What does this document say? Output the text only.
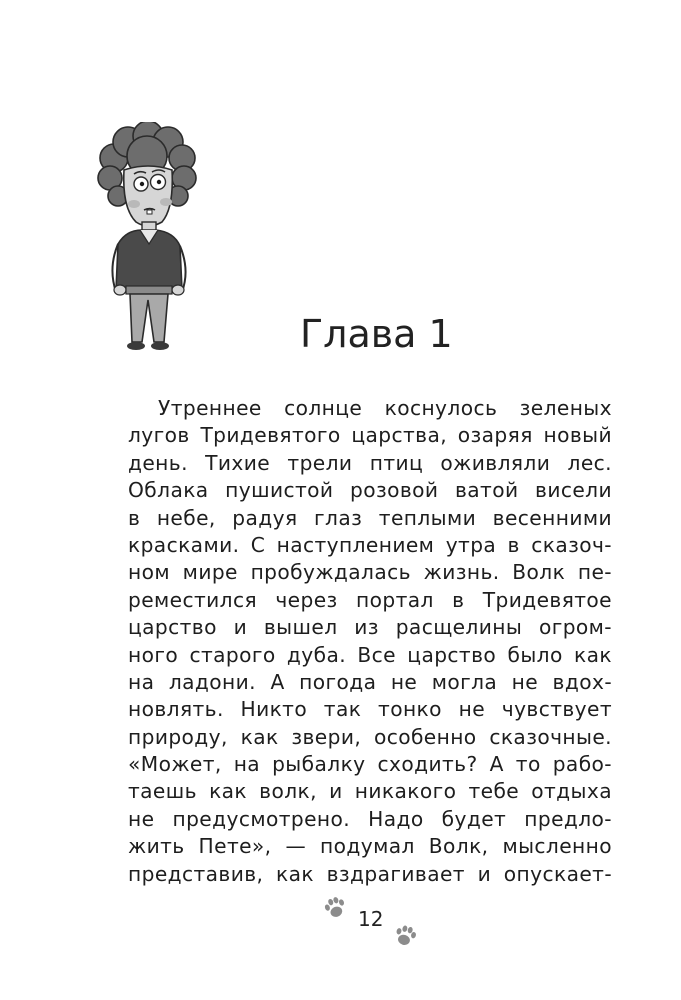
Глава 1
Утреннее солнце коснулось зеленых
лугов Тридевятого царства, озаряя новый
день. Тихие трели птиц оживляли лес.
Облака пушистой розовой ватой висели
в небе, радуя глаз теплыми весенними
красками. С наступлением утра в сказоч-
ном мире пробуждалась жизнь. Волк пе-
реместился через портал в Тридевятое
царство и вышел из расщелины огром-
ного старого дуба. Все царство было как
на ладони. А погода не могла не вдох-
новлять. Никто так тонко не чувствует
природу, как звери, особенно сказочные.
«Может, на рыбалку сходить? А то рабо-
таешь как волк, и никакого тебе отдыха
не предусмотрено. Надо будет предло-
жить Пете», — подумал Волк, мысленно
представив, как вздрагивает и опускает-
12
